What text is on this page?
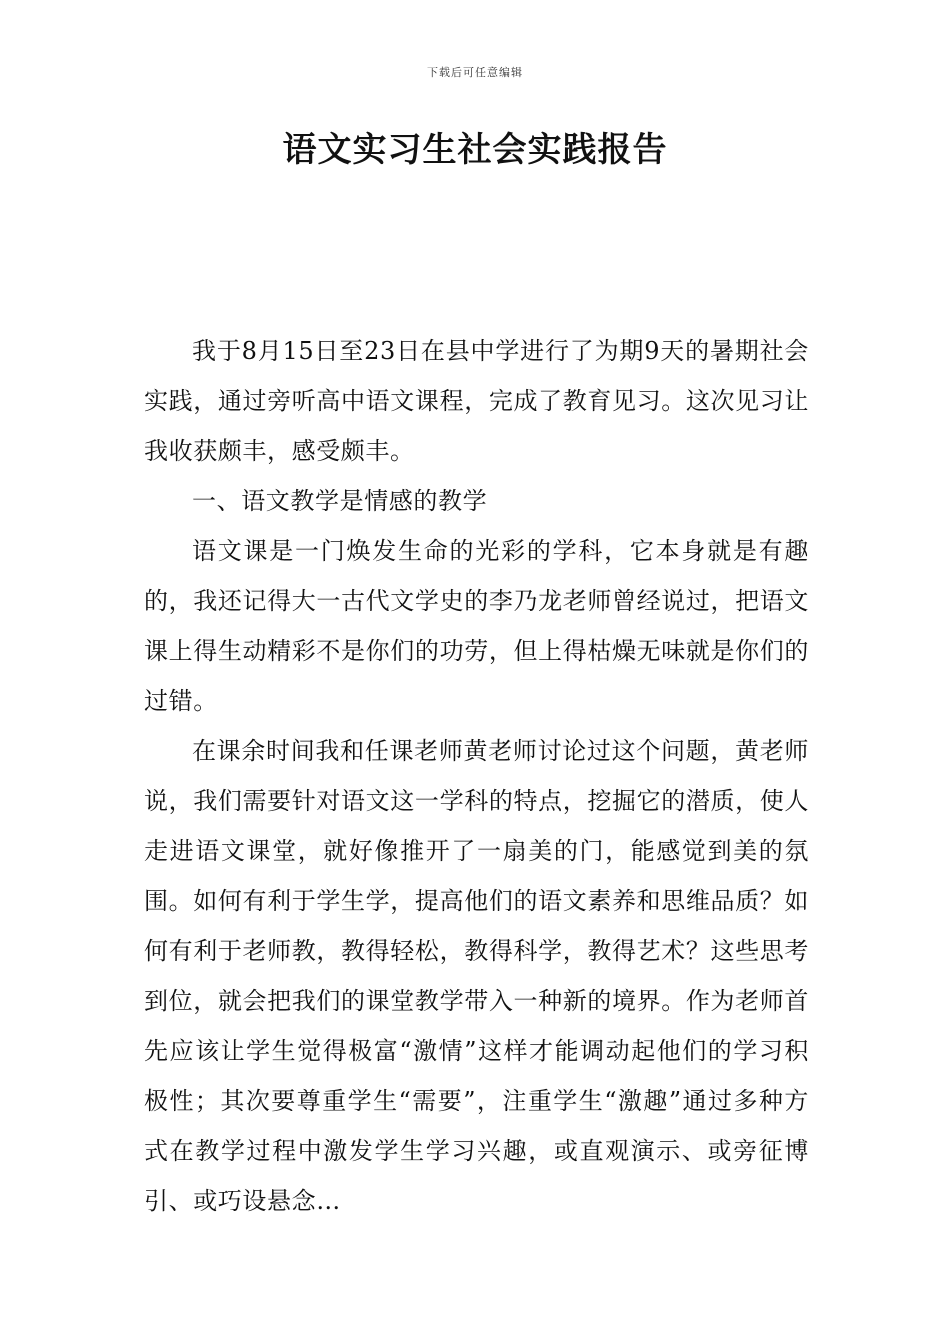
下载后可任意编辑
语文实习生社会实践报告

我于8月15日至23日在县中学进行了为期9天的暑期社会实践，通过旁听高中语文课程，完成了教育见习。这次见习让我收获颇丰，感受颇丰。

一、语文教学是情感的教学

语文课是一门焕发生命的光彩的学科，它本身就是有趣的，我还记得大一古代文学史的李乃龙老师曾经说过，把语文课上得生动精彩不是你们的功劳，但上得枯燥无味就是你们的过错。

在课余时间我和任课老师黄老师讨论过这个问题，黄老师说，我们需要针对语文这一学科的特点，挖掘它的潜质，使人走进语文课堂，就好像推开了一扇美的门，能感觉到美的氛围。如何有利于学生学，提高他们的语文素养和思维品质？如何有利于老师教，教得轻松，教得科学，教得艺术？这些思考到位，就会把我们的课堂教学带入一种新的境界。作为老师首先应该让学生觉得极富“激情”这样才能调动起他们的学习积极性；其次要尊重学生“需要”，注重学生“激趣”通过多种方式在教学过程中激发学生学习兴趣，或直观演示、或旁征博引、或巧设悬念…
